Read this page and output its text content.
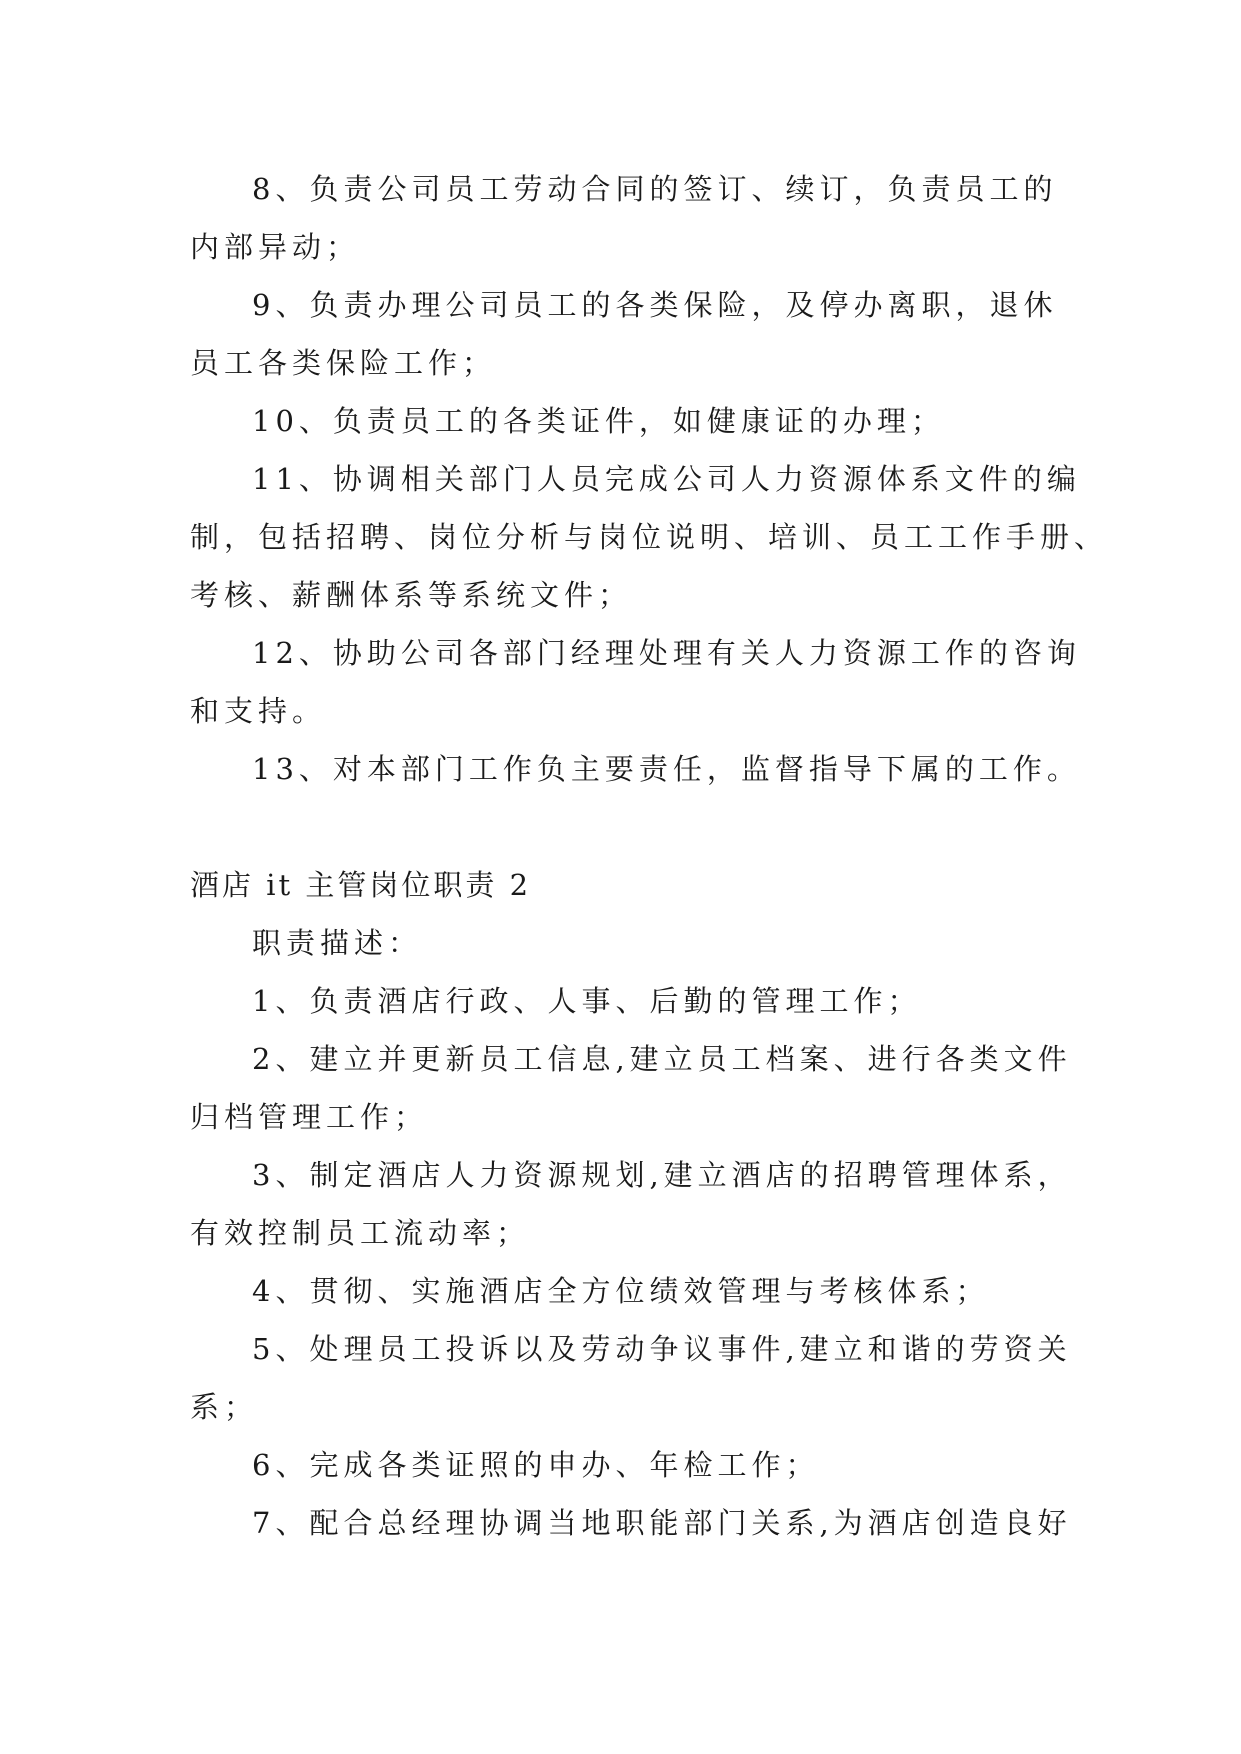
8、负责公司员工劳动合同的签订、续订，负责员工的
内部异动；
9、负责办理公司员工的各类保险，及停办离职，退休
员工各类保险工作；
10、负责员工的各类证件，如健康证的办理；
11、协调相关部门人员完成公司人力资源体系文件的编
制，包括招聘、岗位分析与岗位说明、培训、员工工作手册、
考核、薪酬体系等系统文件；
12、协助公司各部门经理处理有关人力资源工作的咨询
和支持。
13、对本部门工作负主要责任，监督指导下属的工作。
酒店 it 主管岗位职责 2
职责描述：
1、负责酒店行政、人事、后勤的管理工作；
2、建立并更新员工信息,建立员工档案、进行各类文件
归档管理工作；
3、制定酒店人力资源规划,建立酒店的招聘管理体系，
有效控制员工流动率；
4、贯彻、实施酒店全方位绩效管理与考核体系；
5、处理员工投诉以及劳动争议事件,建立和谐的劳资关
系；
6、完成各类证照的申办、年检工作；
7、配合总经理协调当地职能部门关系,为酒店创造良好
